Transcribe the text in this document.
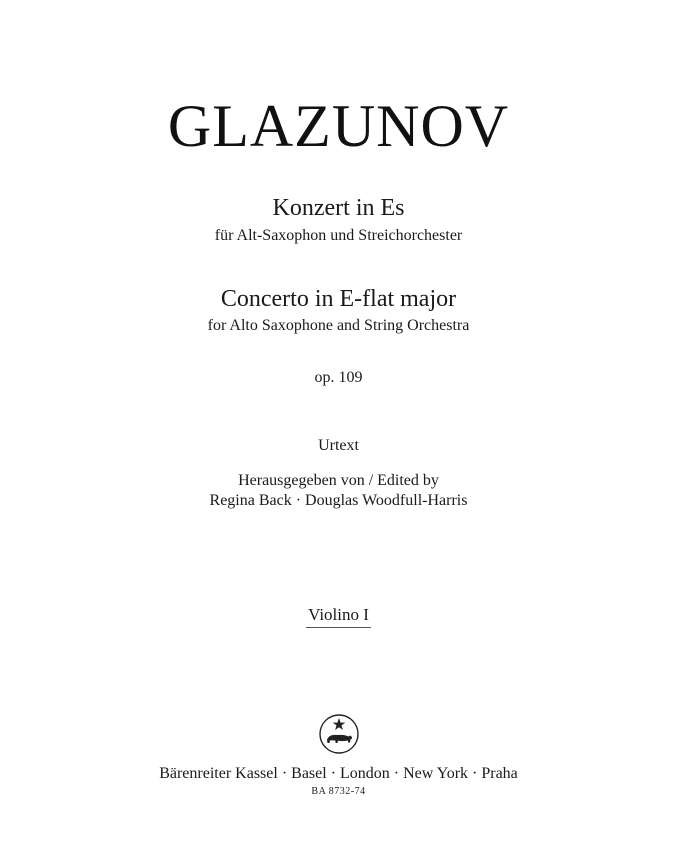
GLAZUNOV
Konzert in Es
für Alt-Saxophon und Streichorchester
Concerto in E-flat major
for Alto Saxophone and String Orchestra
op. 109
Urtext
Herausgegeben von / Edited by
Regina Back · Douglas Woodfull-Harris
Violino I
Bärenreiter Kassel · Basel · London · New York · Praha
BA 8732-74
